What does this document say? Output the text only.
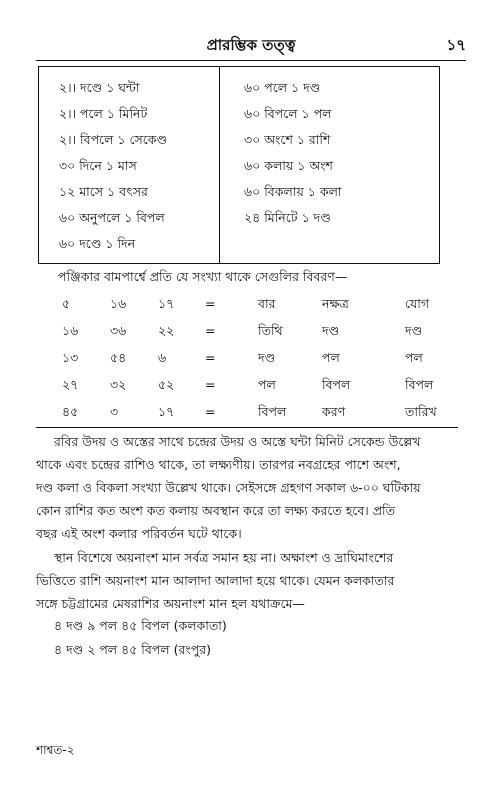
প্রারম্ভিক তত্ত্ব	১৭
২।। দণ্ডে ১ ঘন্টা
২।। পলে ১ মিনিট
২।। বিপলে ১ সেকেণ্ড
৩০ দিনে ১ মাস
১২ মাসে ১ বৎসর
৬০ অনুপলে ১ বিপল
৬০ দণ্ডে ১ দিন
৬০ পলে ১ দণ্ড
৬০ বিপলে ১ পল
৩০ অংশে ১ রাশি
৬০ কলায় ১ অংশ
৬০ বিকলায় ১ কলা
২৪ মিনিটে ১ দণ্ড
পঞ্জিকার বামপার্শ্বে প্রতি যে সংখ্যা থাকে সেগুলির বিবরণ—
৫	১৬	১৭ =	বার	নক্ষত্র	যোগ
১৬	৩৬	২২ =	তিথি	দণ্ড	দণ্ড
১৩	৫৪	৬	=	দণ্ড	পল	পল
২৭	৩২	৫২ =	পল	বিপল	বিপল
৪৫	৩	১৭ =	বিপল	করণ	তারিখ
রবির উদয় ও অস্তের সাথে চন্দ্রের উদয় ও অস্তে ঘন্টা মিনিট সেকেন্ড উল্লেখ
থাকে এবং চন্দ্রের রাশিও থাকে, তা লক্ষ্যণীয়। তারপর নবগ্রহের পাশে অংশ,
দণ্ড কলা ও বিকলা সংখ্যা উল্লেখ থাকে। সেইসঙ্গে গ্রহগণ সকাল ৬-০০ ঘটিকায়
কোন রাশির কত অংশ কত কলায় অবস্থান করে তা লক্ষ্য করতে হবে। প্রতি
বছর এই অংশ কলার পরিবর্তন ঘটে থাকে।
স্থান বিশেষে অয়নাংশ মান সর্বত্র সমান হয় না। অক্ষাংশ ও দ্রাঘিমাংশের
ভিত্তিতে রাশি অয়নাংশ মান আলাদা আলাদা হয়ে থাকে। যেমন কলকাতার
সঙ্গে চট্টগ্রামের মেষরাশির অয়নাংশ মান হল যথাক্রমে—
৪ দণ্ড ৯ পল ৪৫ বিপল (কলকাতা)
৪ দণ্ড ২ পল ৪৫ বিপল (রংপুর)
শাশ্বত-২
